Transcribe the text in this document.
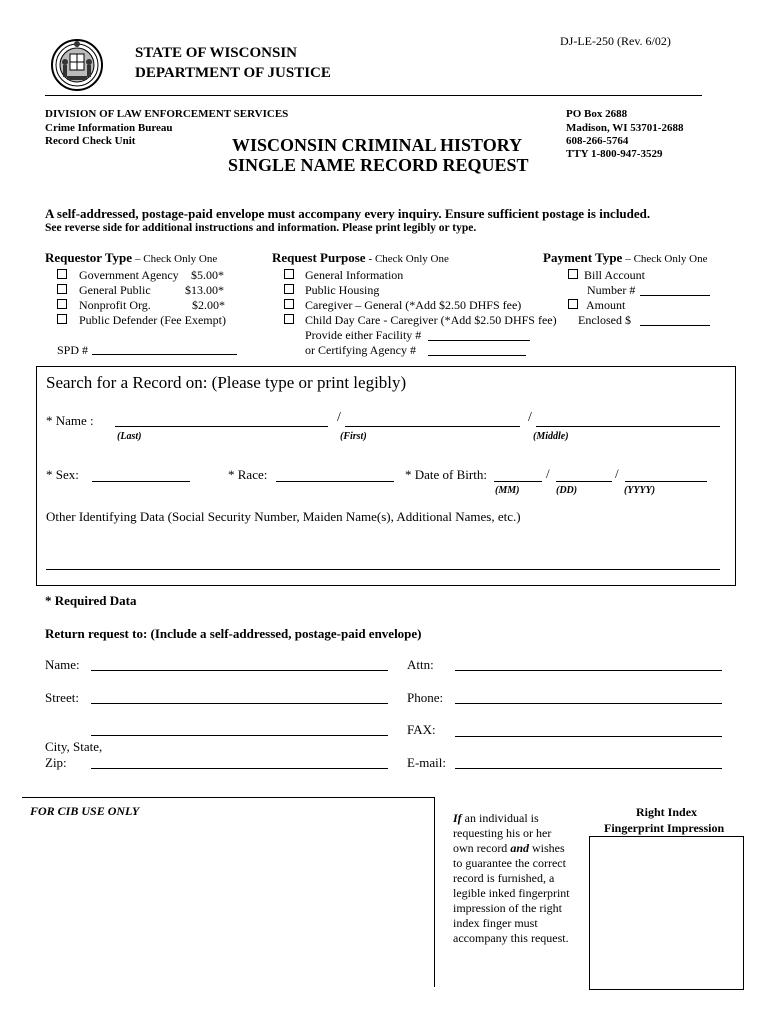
DJ-LE-250 (Rev. 6/02)
STATE OF WISCONSIN
DEPARTMENT OF JUSTICE
DIVISION OF LAW ENFORCEMENT SERVICES
Crime Information Bureau
Record Check Unit	WISCONSIN CRIMINAL HISTORY
SINGLE NAME RECORD REQUEST
PO Box 2688
Madison, WI 53701-2688
608-266-5764
TTY 1-800-947-3529
A self-addressed, postage-paid envelope must accompany every inquiry. Ensure sufficient postage is included.
See reverse side for additional instructions and information. Please print legibly or type.
Requestor Type – Check Only One
Government Agency $5.00*
General Public	$13.00*
Nonprofit Org.	$2.00*
Public Defender (Fee Exempt)
SPD #
Request Purpose - Check Only One
General Information
Public Housing
Caregiver – General (*Add $2.50 DHFS fee)
Child Day Care - Caregiver (*Add $2.50 DHFS fee)
Provide either Facility #
or Certifying Agency #
Payment Type – Check Only One
Bill Account
Number #
Amount
Enclosed $
Search for a Record on: (Please type or print legibly)
* Name :	/	/
(Last)	(First)	(Middle)
* Sex:	* Race:	* Date of Birth:	/	/
(MM)	(DD)	(YYYY)
Other Identifying Data (Social Security Number, Maiden Name(s), Additional Names, etc.)
* Required Data
Return request to: (Include a self-addressed, postage-paid envelope)
Name:	Attn:
Street:	Phone:
FAX:
City, State,
Zip:	E-mail:
FOR CIB USE ONLY	If an individual is requesting his or her own record and wishes to guarantee the correct record is furnished, a legible inked fingerprint impression of the right index finger must accompany this request.
Right Index
Fingerprint Impression
